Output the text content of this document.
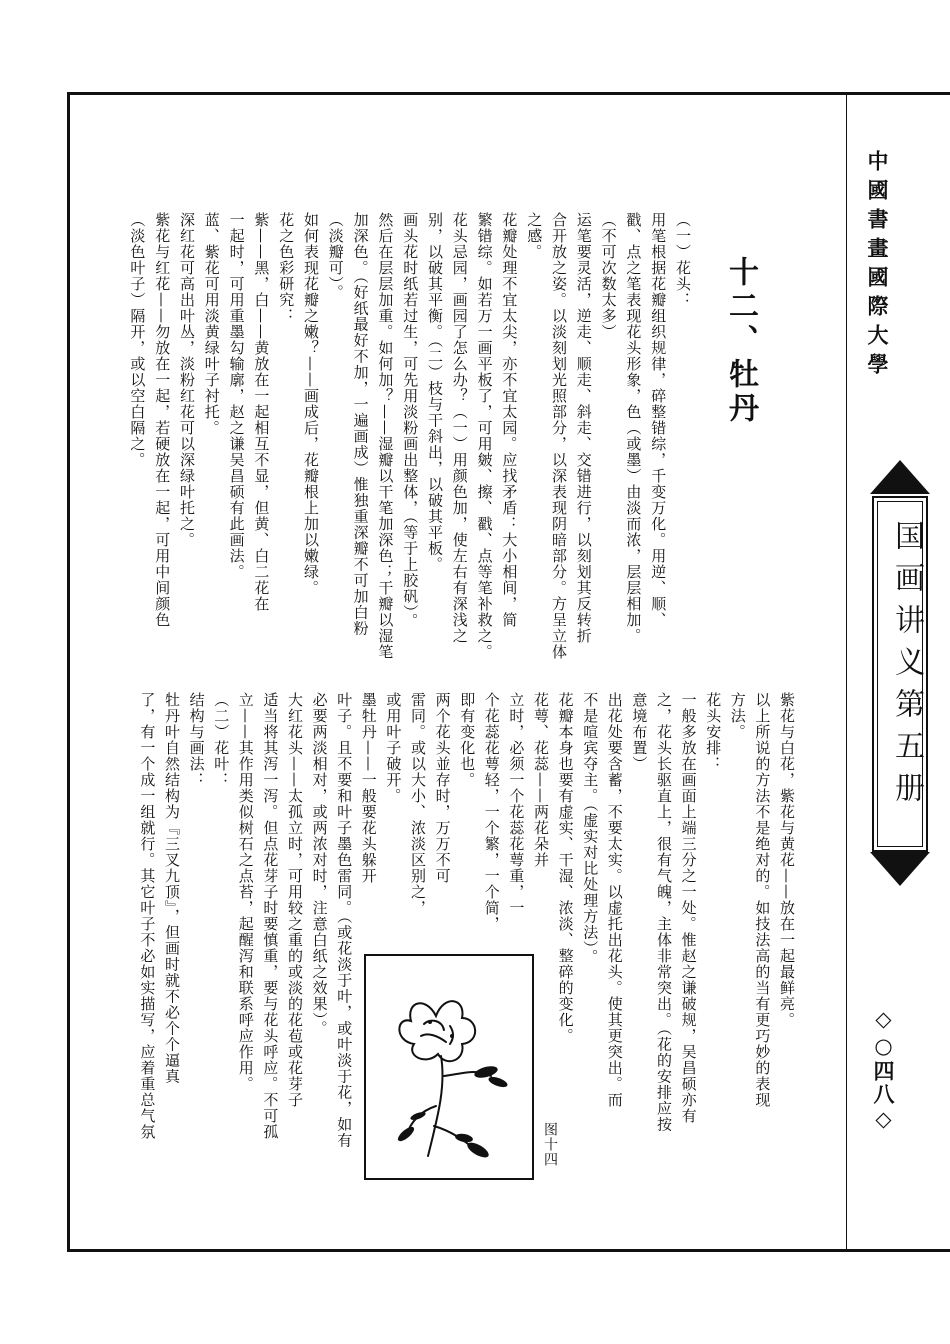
中國書畫國際大學
国画讲义第五册
◇○四八◇
十二、牡丹
（一）花头：
用笔根据花瓣组织规律，碎整错综，千变万化。用逆、顺、
戳、点之笔表现花头形象，色（或墨）由淡而浓，层层相加。
（不可次数太多）
运笔要灵活，逆走、顺走、斜走、交错进行，以刻划其反转折
合开放之姿。以淡刻划光照部分，以深表现阴暗部分。方呈立体
之感。
花瓣处理不宜太尖，亦不宜太园。应找矛盾：大小相间，简
繁错综。如若万一画平板了，可用皴、擦、戳、点等笔补救之。
花头忌园，画园了怎么办？（一）用颜色加，使左右有深浅之
别，以破其平衡。（二）枝与干斜出，以破其平板。
画头花时纸若过生，可先用淡粉画出整体，（等于上胶矾）。
然后在层层加重。如何加？——湿瓣以干笔加深色；干瓣以湿笔
加深色。（好纸最好不加，一遍画成）惟独重深瓣不可加白粉
（淡瓣可）。
如何表现花瓣之嫩？——画成后，花瓣根上加以嫩绿。
花之色彩研究：
紫——黑，白——黄放在一起相互不显，但黄、白二花在
一起时，可用重墨勾输廓，赵之谦吴昌硕有此画法。
蓝、紫花可用淡黄绿叶子衬托。
深红花可高出叶丛，淡粉红花可以深绿叶托之。
紫花与红花——勿放在一起，若硬放在一起，可用中间颜色
（淡色叶子）隔开，或以空白隔之。
紫花与白花，紫花与黄花——放在一起最鲜亮。
以上所说的方法不是绝对的。如技法高的当有更巧妙的表现
方法。
花头安排：
一般多放在画面上端三分之一处。惟赵之谦破规，吴昌硕亦有
之，花头长驱直上，很有气魄，主体非常突出。（花的安排应按
意境布置）
出花处要含蓄，不要太实。以虚托出花头。使其更突出。而
不是喧宾夺主。（虚实对比处理方法）。
花瓣本身也要有虚实、干湿、浓淡、整碎的变化。
花萼、花蕊——两花朵并
立时，必须一个花蕊花萼重，一
个花蕊花萼轻，一个繁，一个简，
即有变化也。
两个花头並存时，万万不可
雷同。或以大小、浓淡区别之，
或用叶子破开。
墨牡丹——一般要花头躲开
叶子。且不要和叶子墨色雷同。（或花淡于叶，或叶淡于花，如有
必要两淡相对，或两浓对时，注意白纸之效果）。
大红花头——太孤立时，可用较之重的或淡的花苞或花芽子
适当将其泻一泻。但点花芽子时要慎重，要与花头呼应。不可孤
立——其作用类似树石之点苔，起醒泻和联系呼应作用。
（二）花叶：
结构与画法：
牡丹叶自然结构为『三叉九顶』，但画时就不必个个逼真
了，有一个成一组就行。其它叶子不必如实描写，应着重总气氛
图十四
